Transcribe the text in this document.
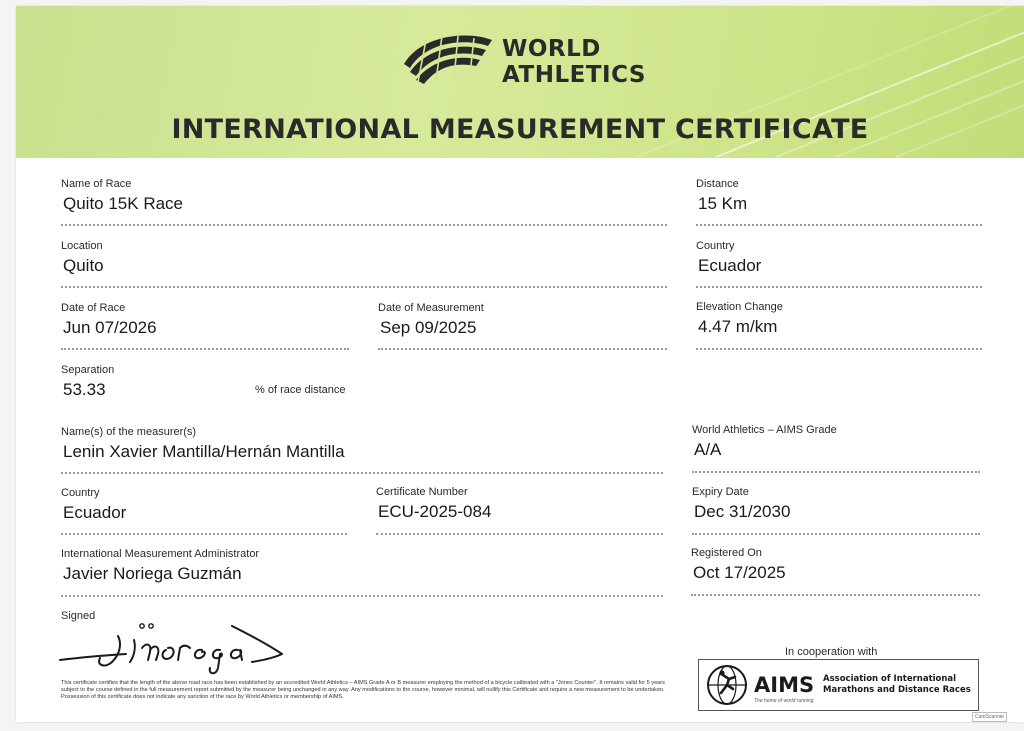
WORLD
ATHLETICS
INTERNATIONAL MEASUREMENT CERTIFICATE
Name of Race
Quito 15K Race
Distance
15 Km
Location
Quito
Country
Ecuador
Date of Race
Jun 07/2026
Date of Measurement
Sep 09/2025
Elevation Change
4.47 m/km
Separation
53.33	% of race distance
Name(s) of the measurer(s)
Lenin Xavier Mantilla/Hernán Mantilla
World Athletics – AIMS Grade
A/A
Country
Ecuador
Certificate Number
ECU-2025-084
Expiry Date
Dec 31/2030
International Measurement Administrator
Javier Noriega Guzmán
Registered On
Oct 17/2025
Signed
This certificate certifies that the length of the above road race has been established by an accredited World Athletics – AIMS Grade A or B measurer employing the method of a bicycle calibrated with a "Jones Counter". It remains valid for 5 years subject to the course defined in the full measurement report submitted by the measurer being unchanged in any way. Any modifications to the course, however minimal, will nullify this Certificate and require a new measurement to be undertaken. Possession of this certificate does not indicate any sanction of the race by World Athletics or membership of AIMS.
In cooperation with
AIMS
The home of world running
Association of International
Marathons and Distance Races
CamScanner
